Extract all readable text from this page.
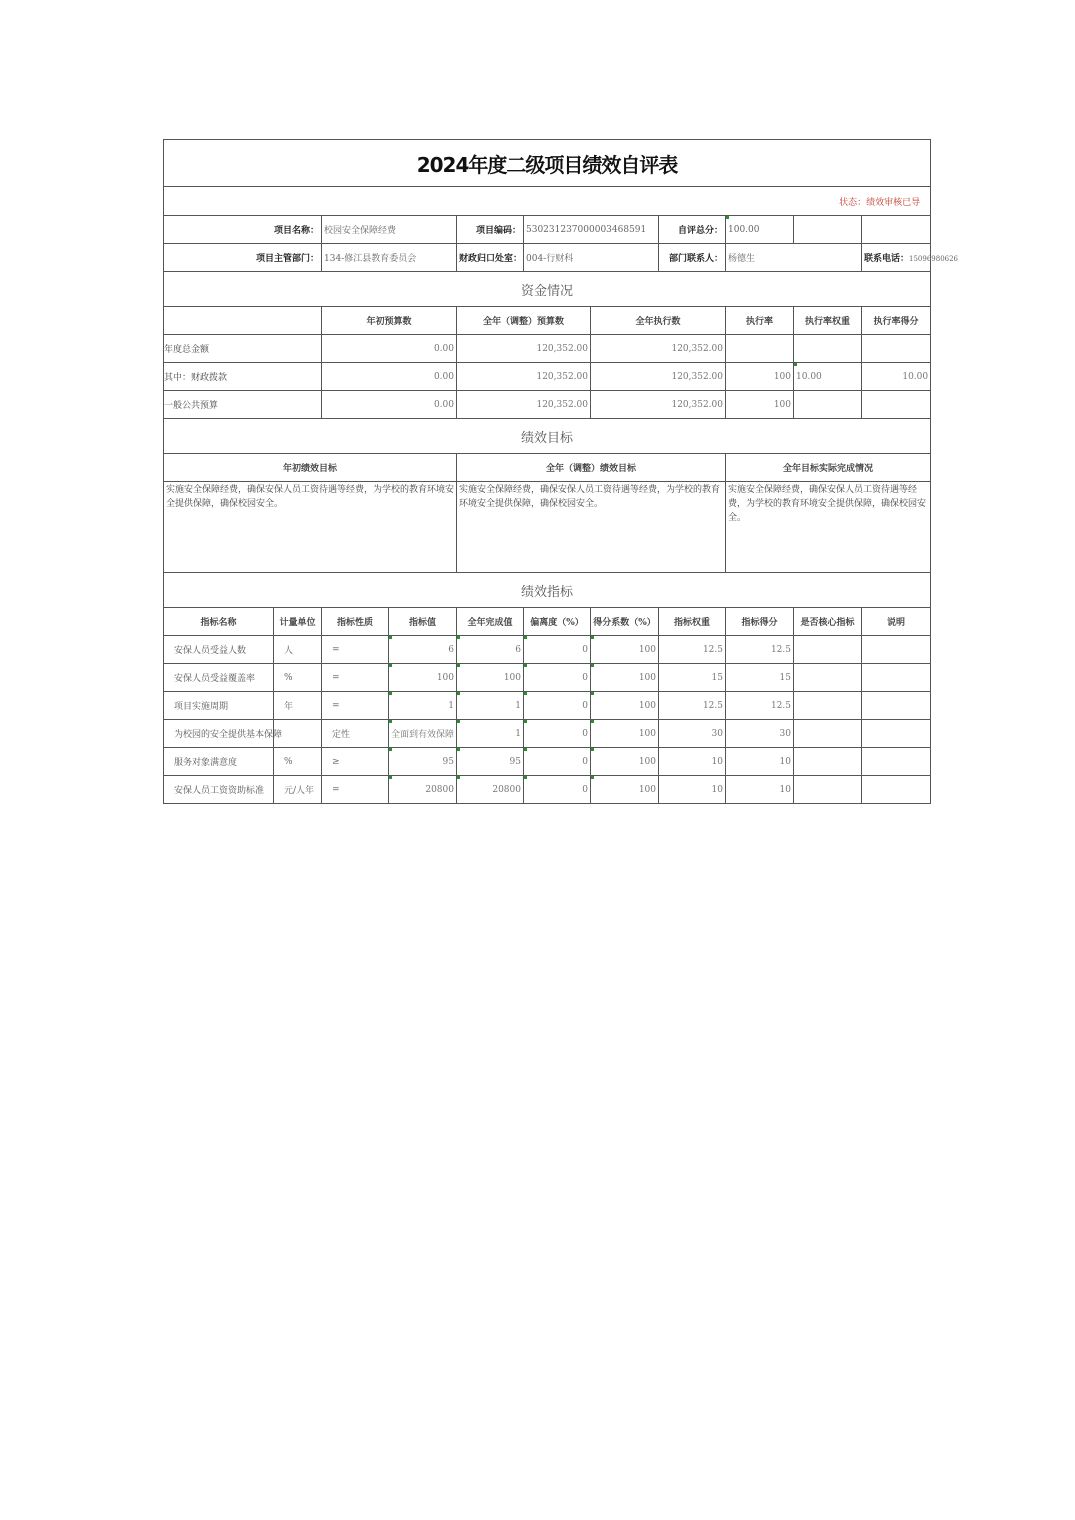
2024年度二级项目绩效自评表										
状态：绩效审核已导										
项目名称：		校园安全保障经费		项目编码：	530231237000003468591		自评总分：	100.00		
项目主管部门：		134-修江县教育委员会		财政归口处室：	004-行财科		部门联系人：	杨德生		联系电话：15096980626
资金情况										
		年初预算数		全年（调整）预算数		全年执行数		执行率	执行率权重	执行率得分
年度总金额		0.00		120,352.00		120,352.00				
其中：财政拨款		0.00		120,352.00		120,352.00		100	10.00	10.00
一般公共预算		0.00		120,352.00		120,352.00		100		
绩效目标										
年初绩效目标				全年（调整）绩效目标				全年目标实际完成情况		
实施安全保障经费，确保安保人员工资待遇等经费，为学校的教育环境安全提供保障，确保校园安全。				实施安全保障经费，确保安保人员工资待遇等经费，为学校的教育环境安全提供保障，确保校园安全。				实施安全保障经费，确保安保人员工资待遇等经费，为学校的教育环境安全提供保障，确保校园安全。		
绩效指标										
指标名称	计量单位	指标性质	指标值	全年完成值	偏离度（%）	得分系数（%）	指标权重	指标得分	是否核心指标	说明
安保人员受益人数	人	=	6	6	0	100	12.5	12.5		
安保人员受益覆盖率	%	=	100	100	0	100	15	15		
项目实施周期	年	=	1	1	0	100	12.5	12.5		
为校园的安全提供基本保障		定性	全面到有效保障	1	0	100	30	30		
服务对象满意度	%	≥	95	95	0	100	10	10		
安保人员工资资助标准	元/人年	=	20800	20800	0	100	10	10		
